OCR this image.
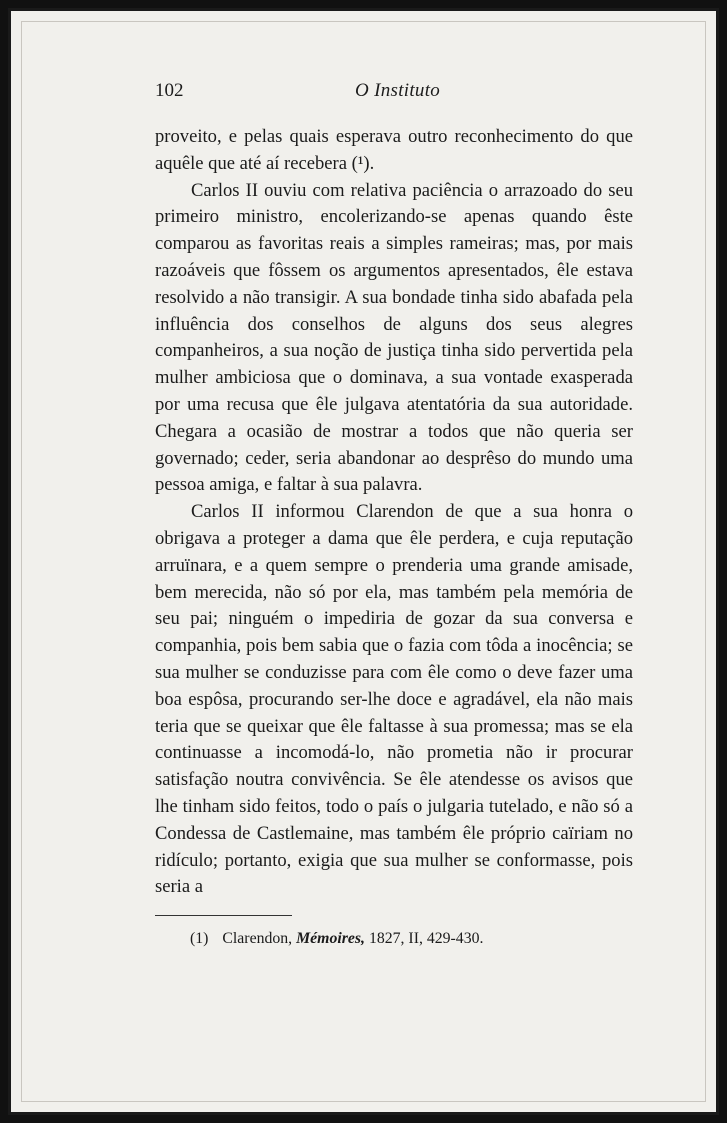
102	O Instituto

proveito, e pelas quais esperava outro reconhecimento do que aquêle que até aí recebera (¹).

Carlos II ouviu com relativa paciência o arrazoado do seu primeiro ministro, encolerizando-se apenas quando êste comparou as favoritas reais a simples rameiras; mas, por mais razoáveis que fôssem os argumentos apresentados, êle estava resolvido a não transigir. A sua bondade tinha sido abafada pela influência dos conselhos de alguns dos seus alegres companheiros, a sua noção de justiça tinha sido pervertida pela mulher ambiciosa que o dominava, a sua vontade exasperada por uma recusa que êle julgava atentatória da sua autoridade. Chegara a ocasião de mostrar a todos que não queria ser governado; ceder, seria abandonar ao desprêso do mundo uma pessoa amiga, e faltar à sua palavra.

Carlos II informou Clarendon de que a sua honra o obrigava a proteger a dama que êle perdera, e cuja reputação arruïnara, e a quem sempre o prenderia uma grande amisade, bem merecida, não só por ela, mas também pela memória de seu pai; ninguém o impediria de gozar da sua conversa e companhia, pois bem sabia que o fazia com tôda a inocência; se sua mulher se conduzisse para com êle como o deve fazer uma boa espôsa, procurando ser-lhe doce e agradável, ela não mais teria que se queixar que êle faltasse à sua promessa; mas se ela continuasse a incomodá-lo, não prometia não ir procurar satisfação noutra convivência. Se êle atendesse os avisos que lhe tinham sido feitos, todo o país o julgaria tutelado, e não só a Condessa de Castlemaine, mas também êle próprio caïriam no ridículo; portanto, exigia que sua mulher se conformasse, pois seria a

(1) Clarendon, Mémoires, 1827, II, 429-430.
